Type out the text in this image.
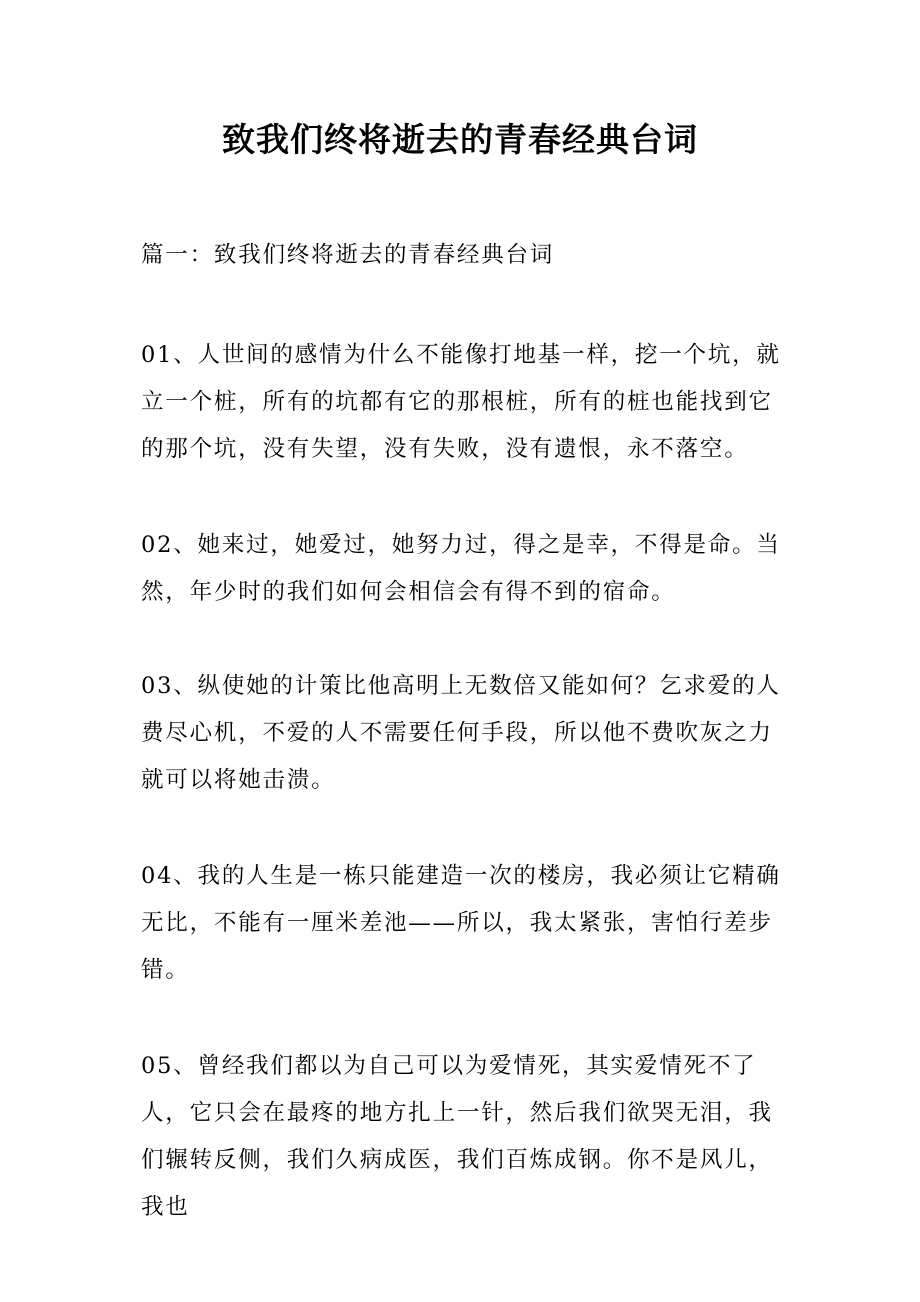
致我们终将逝去的青春经典台词

篇一：致我们终将逝去的青春经典台词

01、人世间的感情为什么不能像打地基一样，挖一个坑，就立一个桩，所有的坑都有它的那根桩，所有的桩也能找到它的那个坑，没有失望，没有失败，没有遗恨，永不落空。

02、她来过，她爱过，她努力过，得之是幸，不得是命。当然，年少时的我们如何会相信会有得不到的宿命。

03、纵使她的计策比他高明上无数倍又能如何？乞求爱的人费尽心机，不爱的人不需要任何手段，所以他不费吹灰之力就可以将她击溃。

04、我的人生是一栋只能建造一次的楼房，我必须让它精确无比，不能有一厘米差池——所以，我太紧张，害怕行差步错。

05、曾经我们都以为自己可以为爱情死，其实爱情死不了人，它只会在最疼的地方扎上一针，然后我们欲哭无泪，我们辗转反侧，我们久病成医，我们百炼成钢。你不是风儿，我也
